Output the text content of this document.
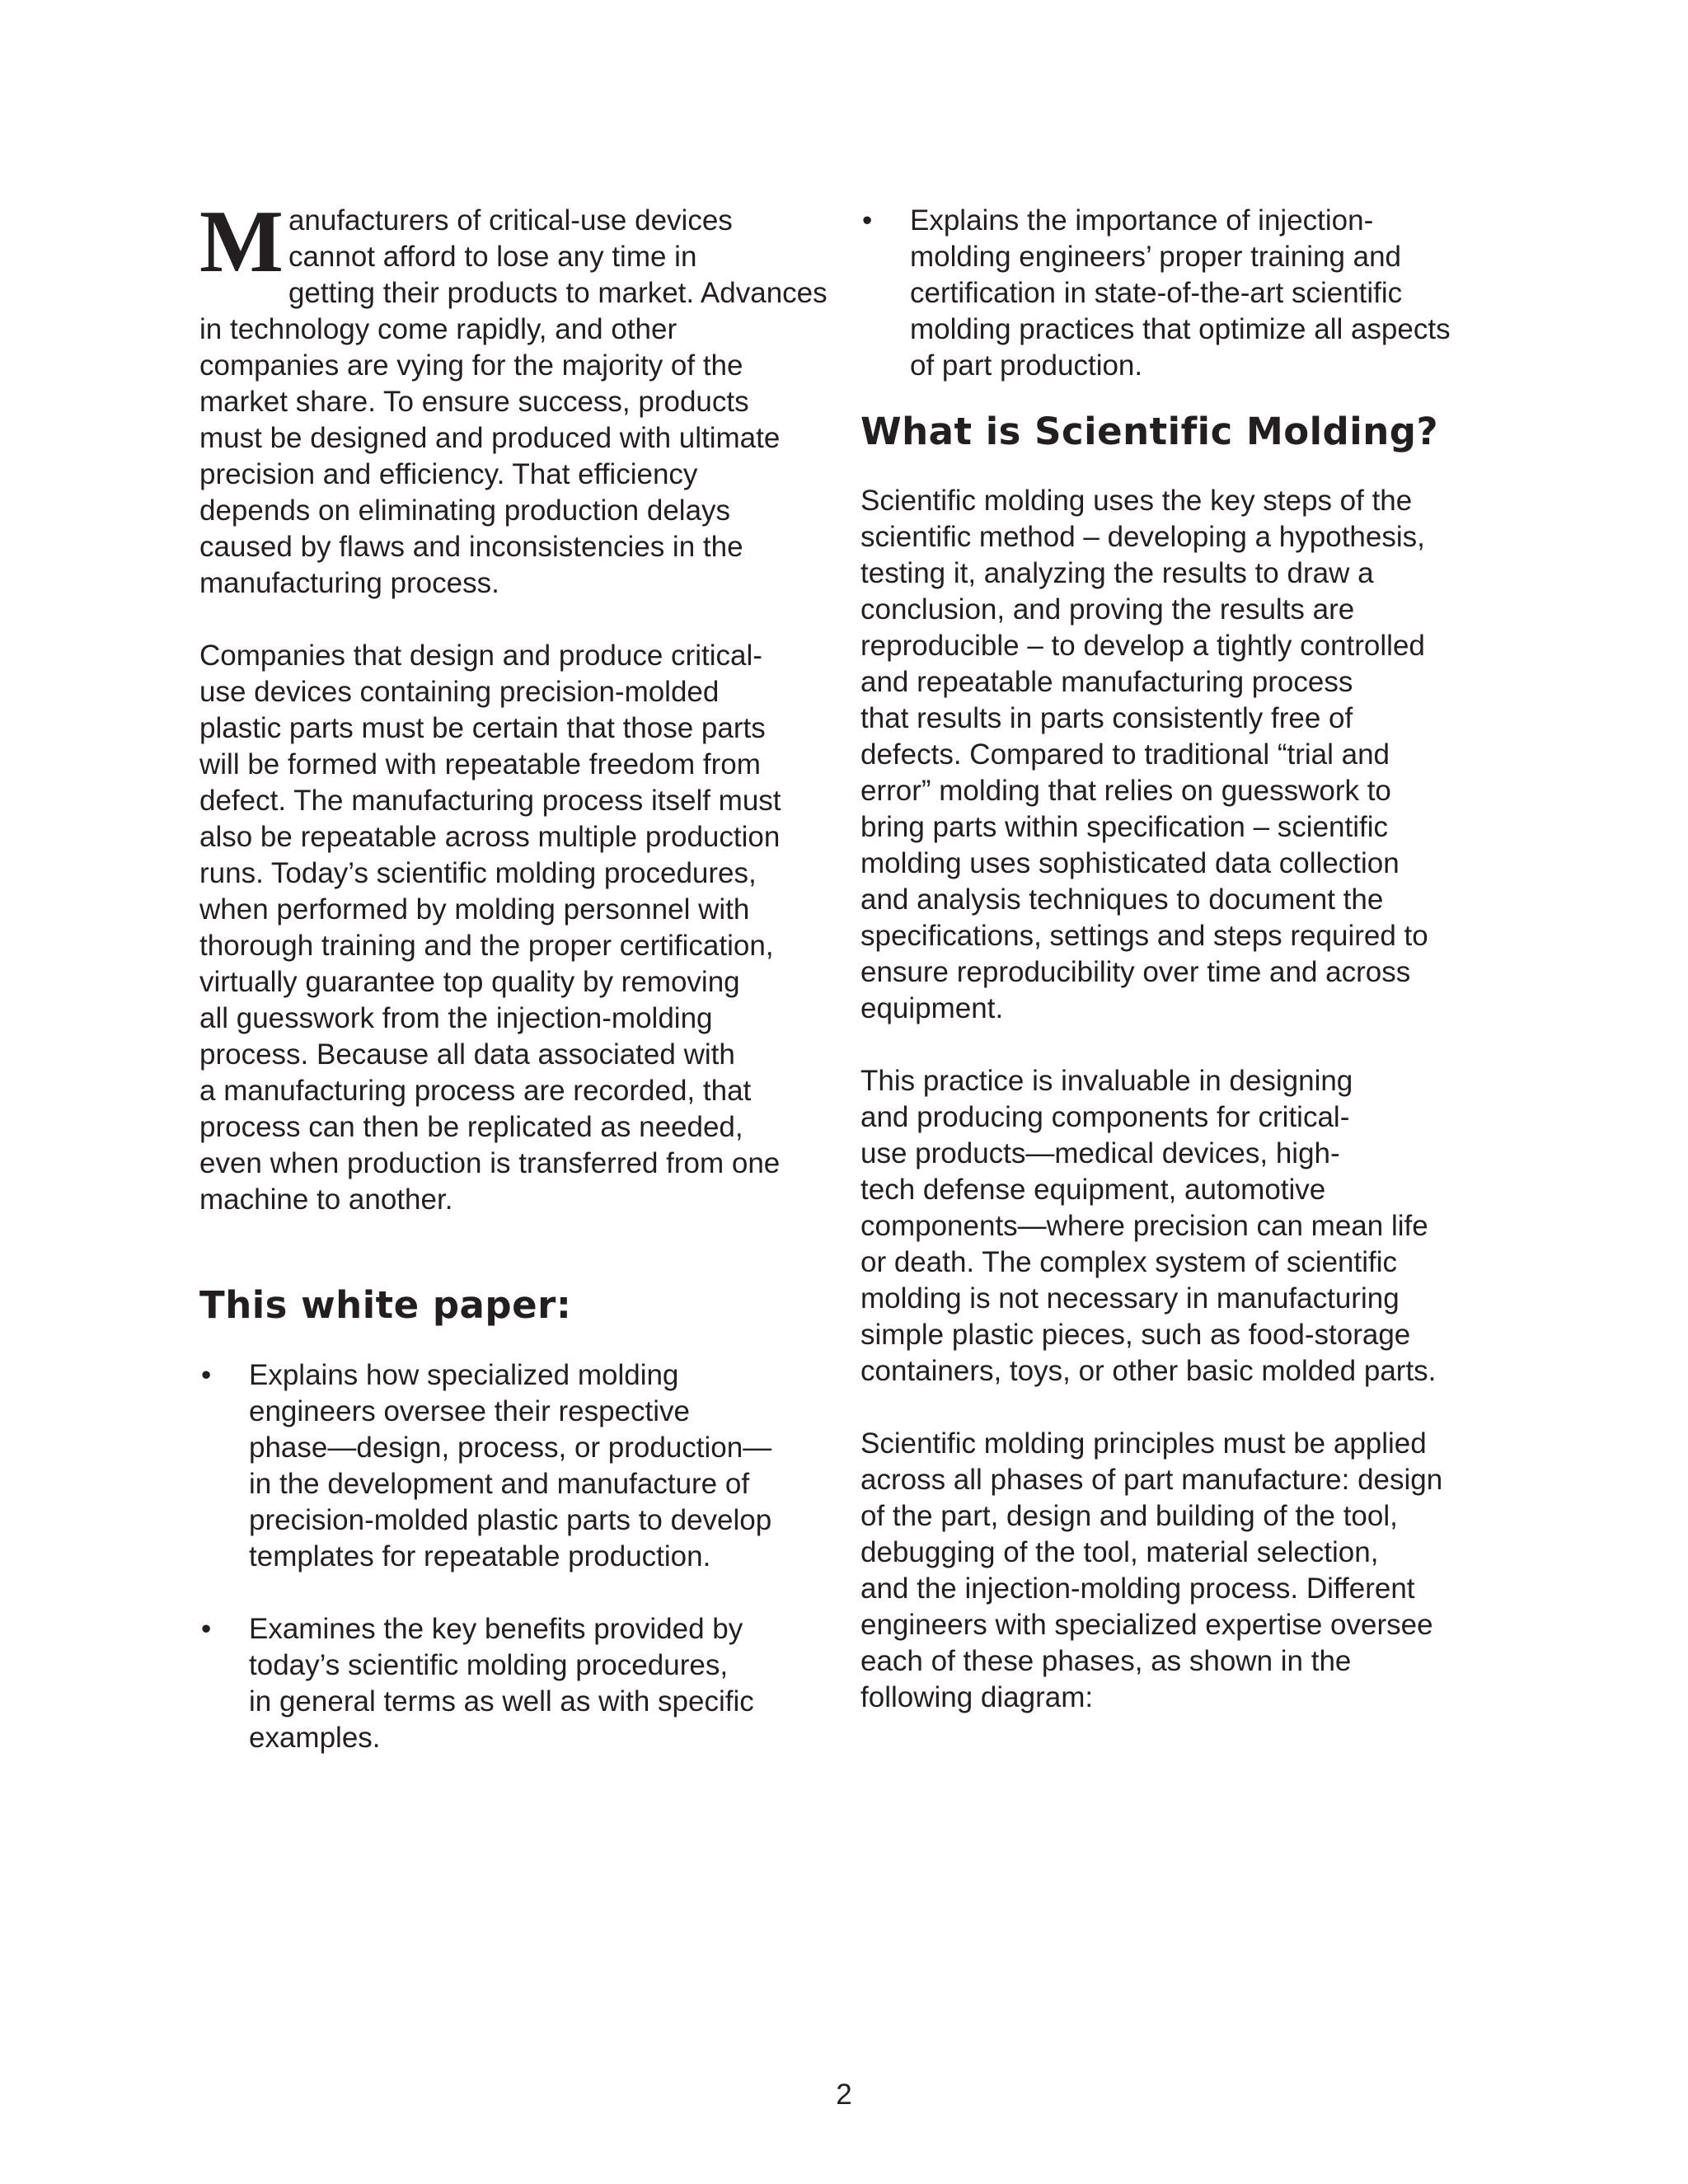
M anufacturers of critical-use devices
cannot afford to lose any time in
getting their products to market. Advances
in technology come rapidly, and other
companies are vying for the majority of the
market share. To ensure success, products
must be designed and produced with ultimate
precision and efficiency. That efficiency
depends on eliminating production delays
caused by flaws and inconsistencies in the
manufacturing process.

Companies that design and produce critical-
use devices containing precision-molded
plastic parts must be certain that those parts
will be formed with repeatable freedom from
defect. The manufacturing process itself must
also be repeatable across multiple production
runs. Today’s scientific molding procedures,
when performed by molding personnel with
thorough training and the proper certification,
virtually guarantee top quality by removing
all guesswork from the injection-molding
process. Because all data associated with
a manufacturing process are recorded, that
process can then be replicated as needed,
even when production is transferred from one
machine to another.

This white paper:
• Explains how specialized molding
engineers oversee their respective
phase—design, process, or production—
in the development and manufacture of
precision-molded plastic parts to develop
templates for repeatable production.

• Examines the key benefits provided by
today’s scientific molding procedures,
in general terms as well as with specific
examples.

• Explains the importance of injection-
molding engineers’ proper training and
certification in state-of-the-art scientific
molding practices that optimize all aspects
of part production.

What is Scientific Molding?

Scientific molding uses the key steps of the
scientific method – developing a hypothesis,
testing it, analyzing the results to draw a
conclusion, and proving the results are
reproducible – to develop a tightly controlled
and repeatable manufacturing process
that results in parts consistently free of
defects. Compared to traditional “trial and
error” molding that relies on guesswork to
bring parts within specification – scientific
molding uses sophisticated data collection
and analysis techniques to document the
specifications, settings and steps required to
ensure reproducibility over time and across
equipment.

This practice is invaluable in designing
and producing components for critical-
use products—medical devices, high-
tech defense equipment, automotive
components—where precision can mean life
or death. The complex system of scientific
molding is not necessary in manufacturing
simple plastic pieces, such as food-storage
containers, toys, or other basic molded parts.

Scientific molding principles must be applied
across all phases of part manufacture: design
of the part, design and building of the tool,
debugging of the tool, material selection,
and the injection-molding process. Different
engineers with specialized expertise oversee
each of these phases, as shown in the
following diagram:

2
